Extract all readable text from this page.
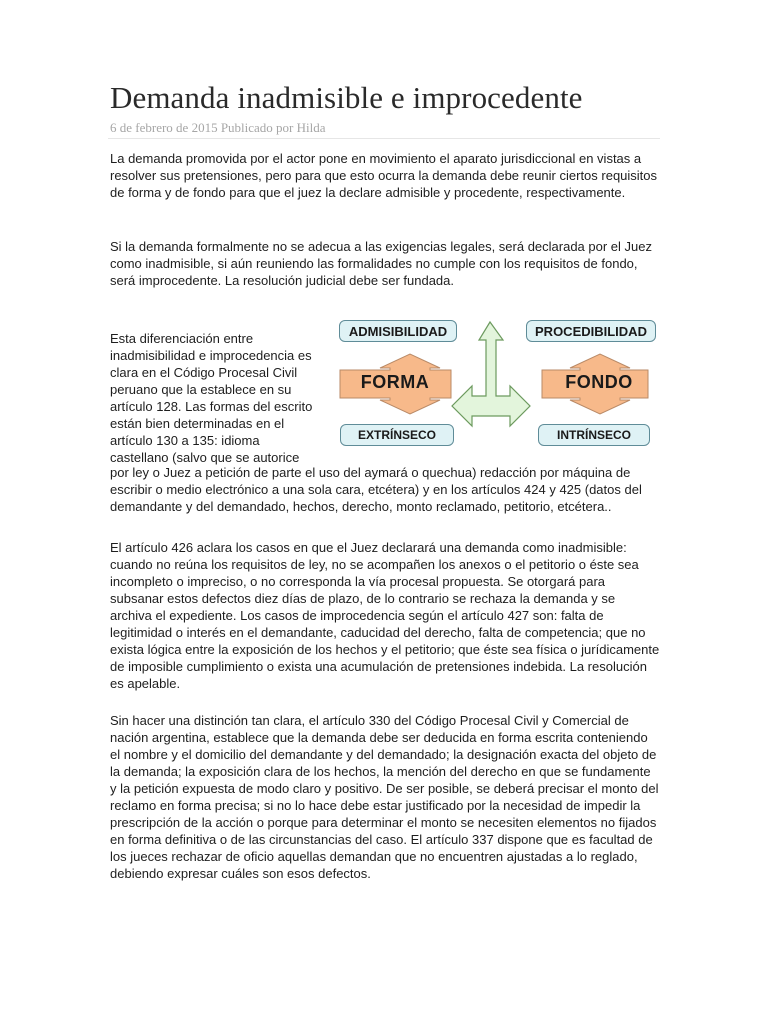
Demanda inadmisible e improcedente
6 de febrero de 2015 Publicado por Hilda

La demanda promovida por el actor pone en movimiento el aparato jurisdiccional en vistas a resolver sus pretensiones, pero para que esto ocurra la demanda debe reunir ciertos requisitos de forma y de fondo para que el juez la declare admisible y procedente, respectivamente.

Si la demanda formalmente no se adecua a las exigencias legales, será declarada por el Juez como inadmisible, si aún reuniendo las formalidades no cumple con los requisitos de fondo, será improcedente. La resolución judicial debe ser fundada.

Esta diferenciación entre inadmisibilidad e improcedencia es clara en el Código Procesal Civil peruano que la establece en su artículo 128. Las formas del escrito están bien determinadas en el artículo 130 a 135: idioma castellano (salvo que se autorice

ADMISIBILIDAD	PROCEDIBILIDAD
FORMA	FONDO
EXTRÍNSECO	INTRÍNSECO

por ley o Juez a petición de parte el uso del aymará o quechua) redacción por máquina de escribir o medio electrónico a una sola cara, etcétera) y en los artículos 424 y 425 (datos del demandante y del demandado, hechos, derecho, monto reclamado, petitorio, etcétera..

El artículo 426 aclara los casos en que el Juez declarará una demanda como inadmisible: cuando no reúna los requisitos de ley, no se acompañen los anexos o el petitorio o éste sea incompleto o impreciso, o no corresponda la vía procesal propuesta. Se otorgará para subsanar estos defectos diez días de plazo, de lo contrario se rechaza la demanda y se archiva el expediente. Los casos de improcedencia según el artículo 427 son: falta de legitimidad o interés en el demandante, caducidad del derecho, falta de competencia; que no exista lógica entre la exposición de los hechos y el petitorio; que éste sea física o jurídicamente de imposible cumplimiento o exista una acumulación de pretensiones indebida. La resolución es apelable.

Sin hacer una distinción tan clara, el artículo 330 del Código Procesal Civil y Comercial de nación argentina, establece que la demanda debe ser deducida en forma escrita conteniendo el nombre y el domicilio del demandante y del demandado; la designación exacta del objeto de la demanda; la exposición clara de los hechos, la mención del derecho en que se fundamente y la petición expuesta de modo claro y positivo. De ser posible, se deberá precisar el monto del reclamo en forma precisa; si no lo hace debe estar justificado por la necesidad de impedir la prescripción de la acción o porque para determinar el monto se necesiten elementos no fijados en forma definitiva o de las circunstancias del caso. El artículo 337 dispone que es facultad de los jueces rechazar de oficio aquellas demandan que no encuentren ajustadas a lo reglado, debiendo expresar cuáles son esos defectos.
